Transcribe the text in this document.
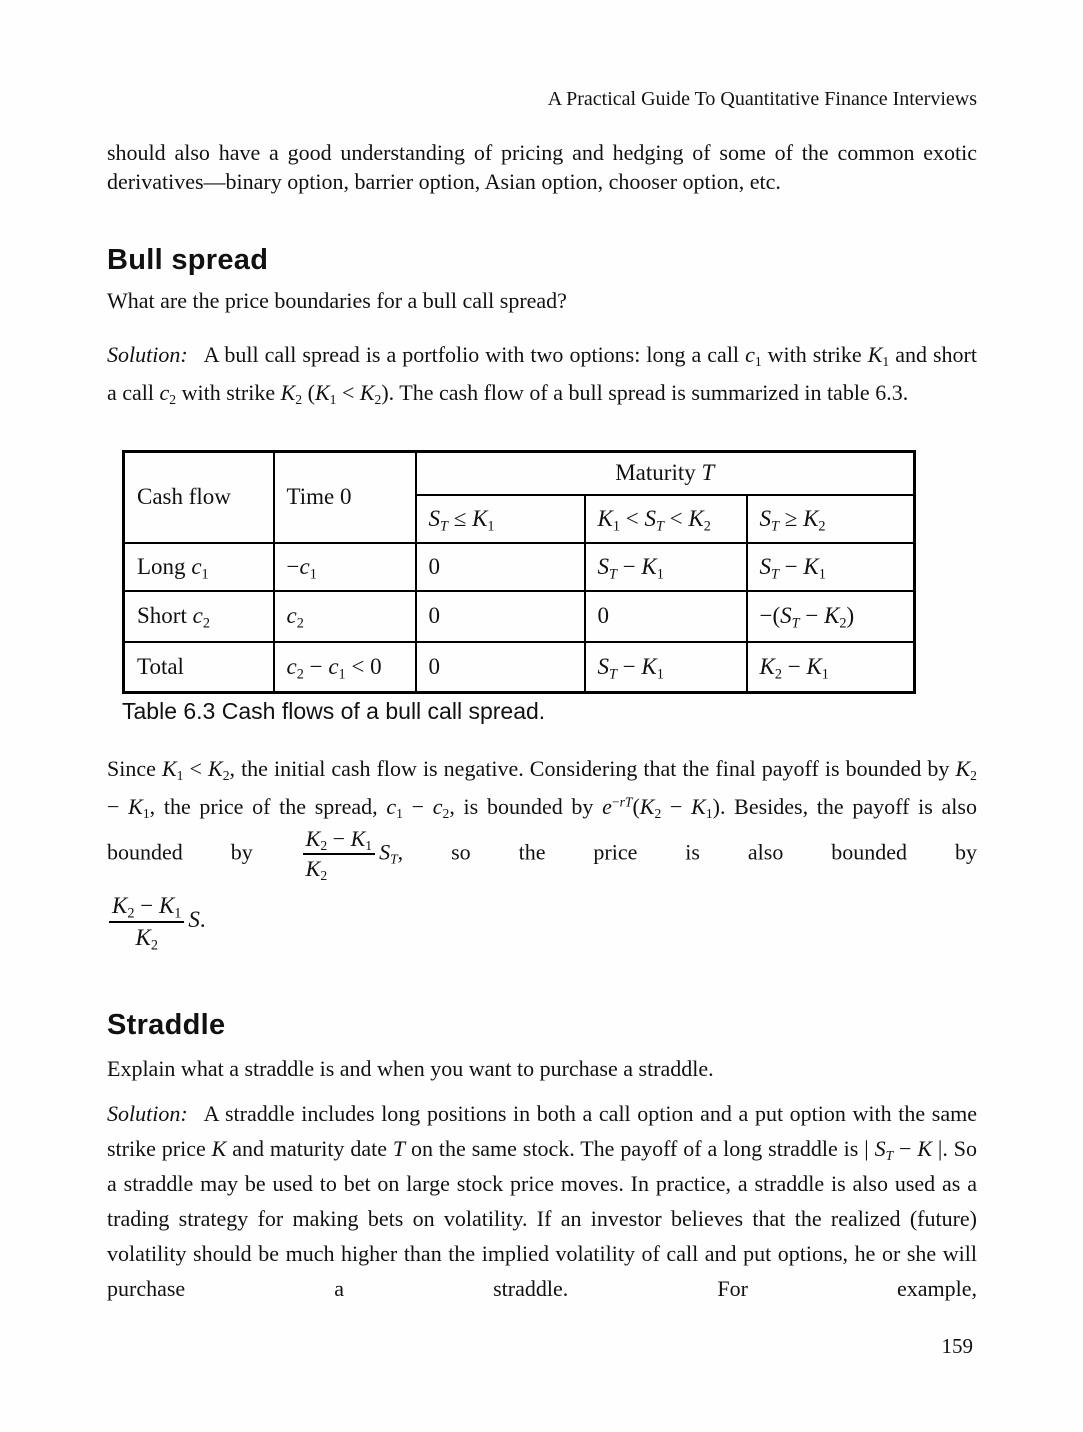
A Practical Guide To Quantitative Finance Interviews

should also have a good understanding of pricing and hedging of some of the common exotic derivatives—binary option, barrier option, Asian option, chooser option, etc.

Bull spread

What are the price boundaries for a bull call spread?

Solution: A bull call spread is a portfolio with two options: long a call $c_1$ with strike $K_1$ and short a call $c_2$ with strike $K_2$ $(K_1 < K_2)$. The cash flow of a bull spread is summarized in table 6.3.

Cash flow	Time 0	Maturity T		
		$S_T \le K_1$	$K_1 < S_T < K_2$	$S_T \ge K_2$
Long $c_1$	$-c_1$	0	$S_T - K_1$	$S_T - K_1$
Short $c_2$	$c_2$	0	0	$-(S_T - K_2)$
Total	$c_2 - c_1 < 0$	0	$S_T - K_1$	$K_2 - K_1$
Table 6.3 Cash flows of a bull call spread.

Since $K_1 < K_2$, the initial cash flow is negative. Considering that the final payoff is bounded by $K_2 - K_1$, the price of the spread, $c_1 - c_2$, is bounded by $e^{-rT}(K_2 - K_1)$. Besides, the payoff is also bounded by $\frac{K_2 - K_1}{K_2} S_T$, so the price is also bounded by

$\frac{K_2 - K_1}{K_2} S$.
Straddle

Explain what a straddle is and when you want to purchase a straddle.

Solution: A straddle includes long positions in both a call option and a put option with the same strike price K and maturity date T on the same stock. The payoff of a long straddle is | $S_T - K$ |. So a straddle may be used to bet on large stock price moves. In practice, a straddle is also used as a trading strategy for making bets on volatility. If an investor believes that the realized (future) volatility should be much higher than the implied volatility of call and put options, he or she will purchase a straddle. For example,

159
